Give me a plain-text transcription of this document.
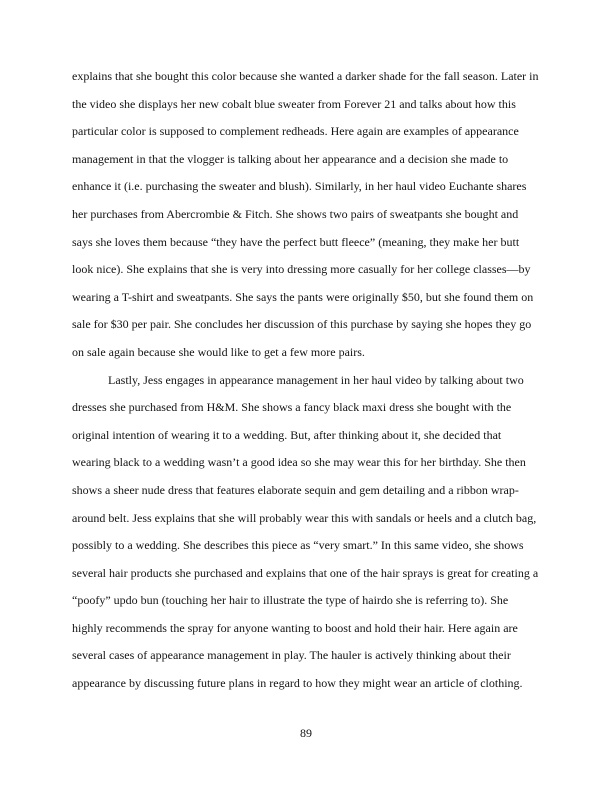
explains that she bought this color because she wanted a darker shade for the fall season. Later in
the video she displays her new cobalt blue sweater from Forever 21 and talks about how this
particular color is supposed to complement redheads. Here again are examples of appearance
management in that the vlogger is talking about her appearance and a decision she made to
enhance it (i.e. purchasing the sweater and blush). Similarly, in her haul video Euchante shares
her purchases from Abercrombie & Fitch. She shows two pairs of sweatpants she bought and
says she loves them because “they have the perfect butt fleece” (meaning, they make her butt
look nice). She explains that she is very into dressing more casually for her college classes—by
wearing a T-shirt and sweatpants. She says the pants were originally $50, but she found them on
sale for $30 per pair. She concludes her discussion of this purchase by saying she hopes they go
on sale again because she would like to get a few more pairs.
Lastly, Jess engages in appearance management in her haul video by talking about two
dresses she purchased from H&M. She shows a fancy black maxi dress she bought with the
original intention of wearing it to a wedding. But, after thinking about it, she decided that
wearing black to a wedding wasn’t a good idea so she may wear this for her birthday. She then
shows a sheer nude dress that features elaborate sequin and gem detailing and a ribbon wrap-
around belt. Jess explains that she will probably wear this with sandals or heels and a clutch bag,
possibly to a wedding. She describes this piece as “very smart.” In this same video, she shows
several hair products she purchased and explains that one of the hair sprays is great for creating a
“poofy” updo bun (touching her hair to illustrate the type of hairdo she is referring to). She
highly recommends the spray for anyone wanting to boost and hold their hair. Here again are
several cases of appearance management in play. The hauler is actively thinking about their
appearance by discussing future plans in regard to how they might wear an article of clothing.
89
